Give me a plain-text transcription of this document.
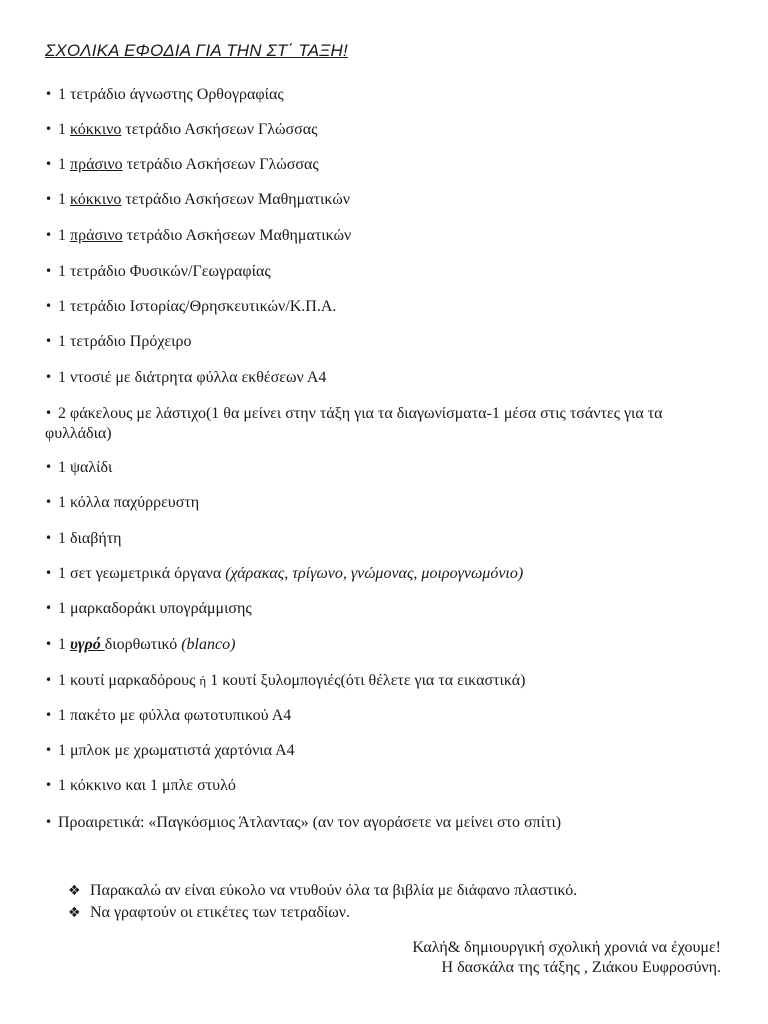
ΣΧΟΛΙΚΑ ΕΦΟΔΙΑ ΓΙΑ ΤΗΝ ΣΤ΄ ΤΑΞΗ!
• 1 τετράδιο άγνωστης Ορθογραφίας
• 1 κόκκινο τετράδιο Ασκήσεων Γλώσσας
• 1 πράσινο τετράδιο Ασκήσεων Γλώσσας
• 1 κόκκινο τετράδιο Ασκήσεων Μαθηματικών
• 1 πράσινο τετράδιο Ασκήσεων Μαθηματικών
• 1 τετράδιο Φυσικών/Γεωγραφίας
• 1 τετράδιο Ιστορίας/Θρησκευτικών/Κ.Π.Α.
• 1 τετράδιο Πρόχειρο
• 1 ντοσιέ με διάτρητα φύλλα εκθέσεων Α4
• 2 φάκελους με λάστιχο(1 θα μείνει στην τάξη για τα διαγωνίσματα-1 μέσα στις τσάντες για τα φυλλάδια)
• 1 ψαλίδι
• 1 κόλλα παχύρρευστη
• 1 διαβήτη
• 1 σετ γεωμετρικά όργανα (χάρακας, τρίγωνο, γνώμονας, μοιρογνωμόνιο)
• 1 μαρκαδοράκι υπογράμμισης
• 1 υγρό διορθωτικό (blanco)
• 1 κουτί μαρκαδόρους ή 1 κουτί ξυλομπογιές(ότι θέλετε για τα εικαστικά)
• 1 πακέτο με φύλλα φωτοτυπικού Α4
• 1 μπλοκ με χρωματιστά χαρτόνια Α4
• 1 κόκκινο και 1 μπλε στυλό
• Προαιρετικά: «Παγκόσμιος Άτλαντας» (αν τον αγοράσετε να μείνει στο σπίτι)
❖ Παρακαλώ αν είναι εύκολο να ντυθούν όλα τα βιβλία με διάφανο πλαστικό.
❖ Να γραφτούν οι ετικέτες των τετραδίων.
Καλή& δημιουργική σχολική χρονιά να έχουμε!
Η δασκάλα της τάξης , Ζιάκου Ευφροσύνη.
